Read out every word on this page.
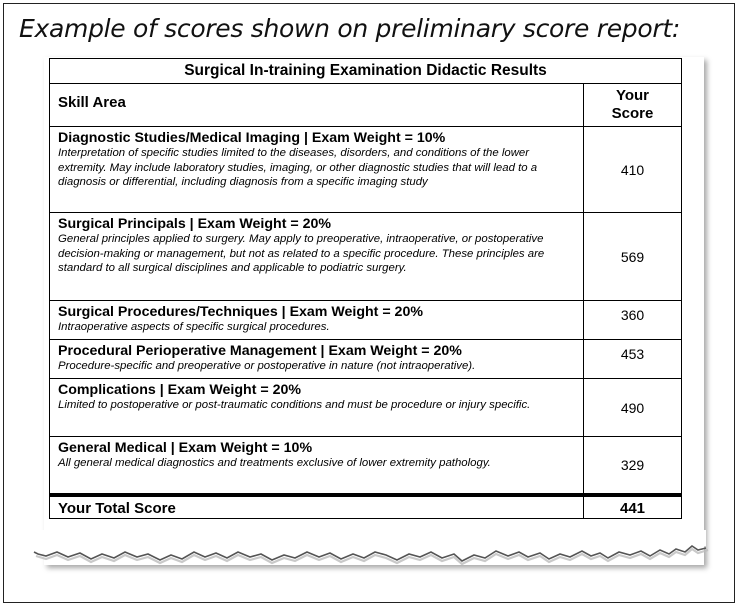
Example of scores shown on preliminary score report:
Surgical In-training Examination Didactic Results	
Skill Area	Your
Score

Diagnostic Studies/Medical Imaging | Exam Weight = 10%
Interpretation of specific studies limited to the diseases, disorders, and conditions of the lower extremity. May include laboratory studies, imaging, or other diagnostic studies that will lead to a diagnosis or differential, including diagnosis from a specific imaging study	410

Surgical Principals | Exam Weight = 20%
General principles applied to surgery. May apply to preoperative, intraoperative, or postoperative decision-making or management, but not as related to a specific procedure. These principles are standard to all surgical disciplines and applicable to podiatric surgery.	569

Surgical Procedures/Techniques | Exam Weight = 20%
Intraoperative aspects of specific surgical procedures.	360

Procedural Perioperative Management | Exam Weight = 20%
Procedure-specific and preoperative or postoperative in nature (not intraoperative).	453

Complications | Exam Weight = 20%
Limited to postoperative or post-traumatic conditions and must be procedure or injury specific.	490

General Medical | Exam Weight = 10%
All general medical diagnostics and treatments exclusive of lower extremity pathology.	329
Your Total Score	441
